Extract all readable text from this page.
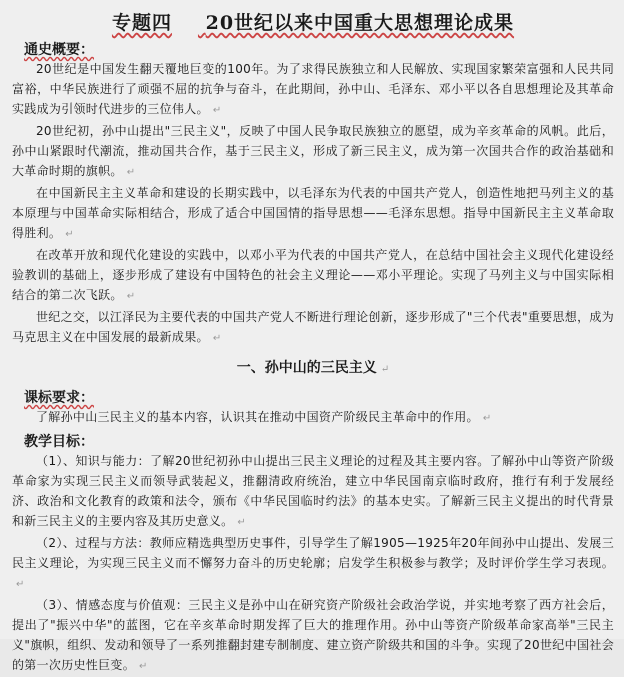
专题四 20世纪以来中国重大思想理论成果
通史概要：

20世纪是中国发生翻天覆地巨变的100年。为了求得民族独立和人民解放、实现国家繁荣富强和人民共同富裕，中华民族进行了顽强不屈的抗争与奋斗，在此期间，孙中山、毛泽东、邓小平以各自思想理论及其革命实践成为引领时代进步的三位伟人。 ↵

20世纪初，孙中山提出"三民主义"，反映了中国人民争取民族独立的愿望，成为辛亥革命的风帆。此后，孙中山紧跟时代潮流，推动国共合作，基于三民主义，形成了新三民主义，成为第一次国共合作的政治基础和大革命时期的旗帜。 ↵

在中国新民主主义革命和建设的长期实践中，以毛泽东为代表的中国共产党人，创造性地把马列主义的基本原理与中国革命实际相结合，形成了适合中国国情的指导思想——毛泽东思想。指导中国新民主主义革命取得胜利。 ↵

在改革开放和现代化建设的实践中，以邓小平为代表的中国共产党人，在总结中国社会主义现代化建设经验教训的基础上，逐步形成了建设有中国特色的社会主义理论——邓小平理论。实现了马列主义与中国实际相结合的第二次飞跃。 ↵

世纪之交，以江泽民为主要代表的中国共产党人不断进行理论创新，逐步形成了"三个代表"重要思想，成为马克思主义在中国发展的最新成果。 ↵

一、孙中山的三民主义 ↵
课标要求：

了解孙中山三民主义的基本内容，认识其在推动中国资产阶级民主革命中的作用。 ↵

教学目标：

（1）、知识与能力：了解20世纪初孙中山提出三民主义理论的过程及其主要内容。了解孙中山等资产阶级革命家为实现三民主义而领导武装起义，推翻清政府统治，建立中华民国南京临时政府，推行有利于发展经济、政治和文化教育的政策和法令，颁布《中华民国临时约法》的基本史实。了解新三民主义提出的时代背景和新三民主义的主要内容及其历史意义。 ↵

（2）、过程与方法：教师应精选典型历史事件，引导学生了解1905—1925年20年间孙中山提出、发展三民主义理论，为实现三民主义而不懈努力奋斗的历史轮廓；启发学生积极参与教学；及时评价学生学习表现。↵

（3）、情感态度与价值观：三民主义是孙中山在研究资产阶级社会政治学说，并实地考察了西方社会后，提出了"振兴中华"的蓝图，它在辛亥革命时期发挥了巨大的推理作用。孙中山等资产阶级革命家高举"三民主义"旗帜，组织、发动和领导了一系列推翻封建专制制度、建立资产阶级共和国的斗争。实现了20世纪中国社会的第一次历史性巨变。 ↵
